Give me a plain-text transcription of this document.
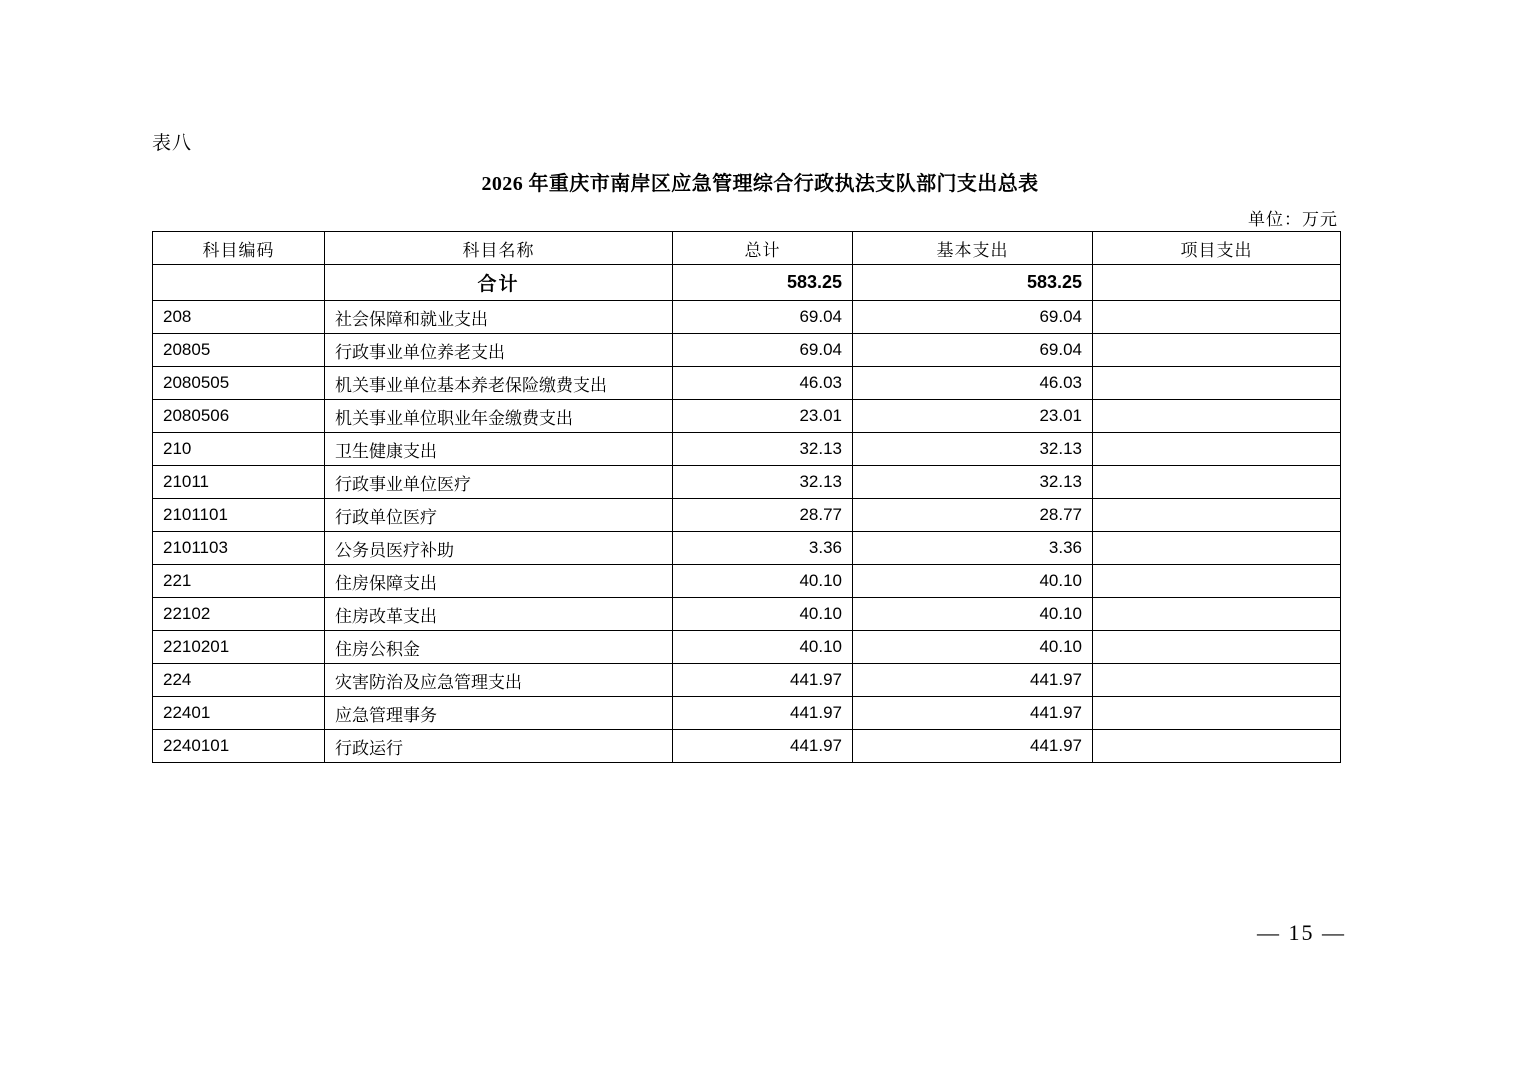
表八
2026 年重庆市南岸区应急管理综合行政执法支队部门支出总表
单位：万元
科目编码	科目名称	总计	基本支出	项目支出
	合计	583.25	583.25	
208	社会保障和就业支出	69.04	69.04	
20805	行政事业单位养老支出	69.04	69.04	
2080505	机关事业单位基本养老保险缴费支出	46.03	46.03	
2080506	机关事业单位职业年金缴费支出	23.01	23.01	
210	卫生健康支出	32.13	32.13	
21011	行政事业单位医疗	32.13	32.13	
2101101	行政单位医疗	28.77	28.77	
2101103	公务员医疗补助	3.36	3.36	
221	住房保障支出	40.10	40.10	
22102	住房改革支出	40.10	40.10	
2210201	住房公积金	40.10	40.10	
224	灾害防治及应急管理支出	441.97	441.97	
22401	应急管理事务	441.97	441.97	
2240101	行政运行	441.97	441.97	
— 15 —
